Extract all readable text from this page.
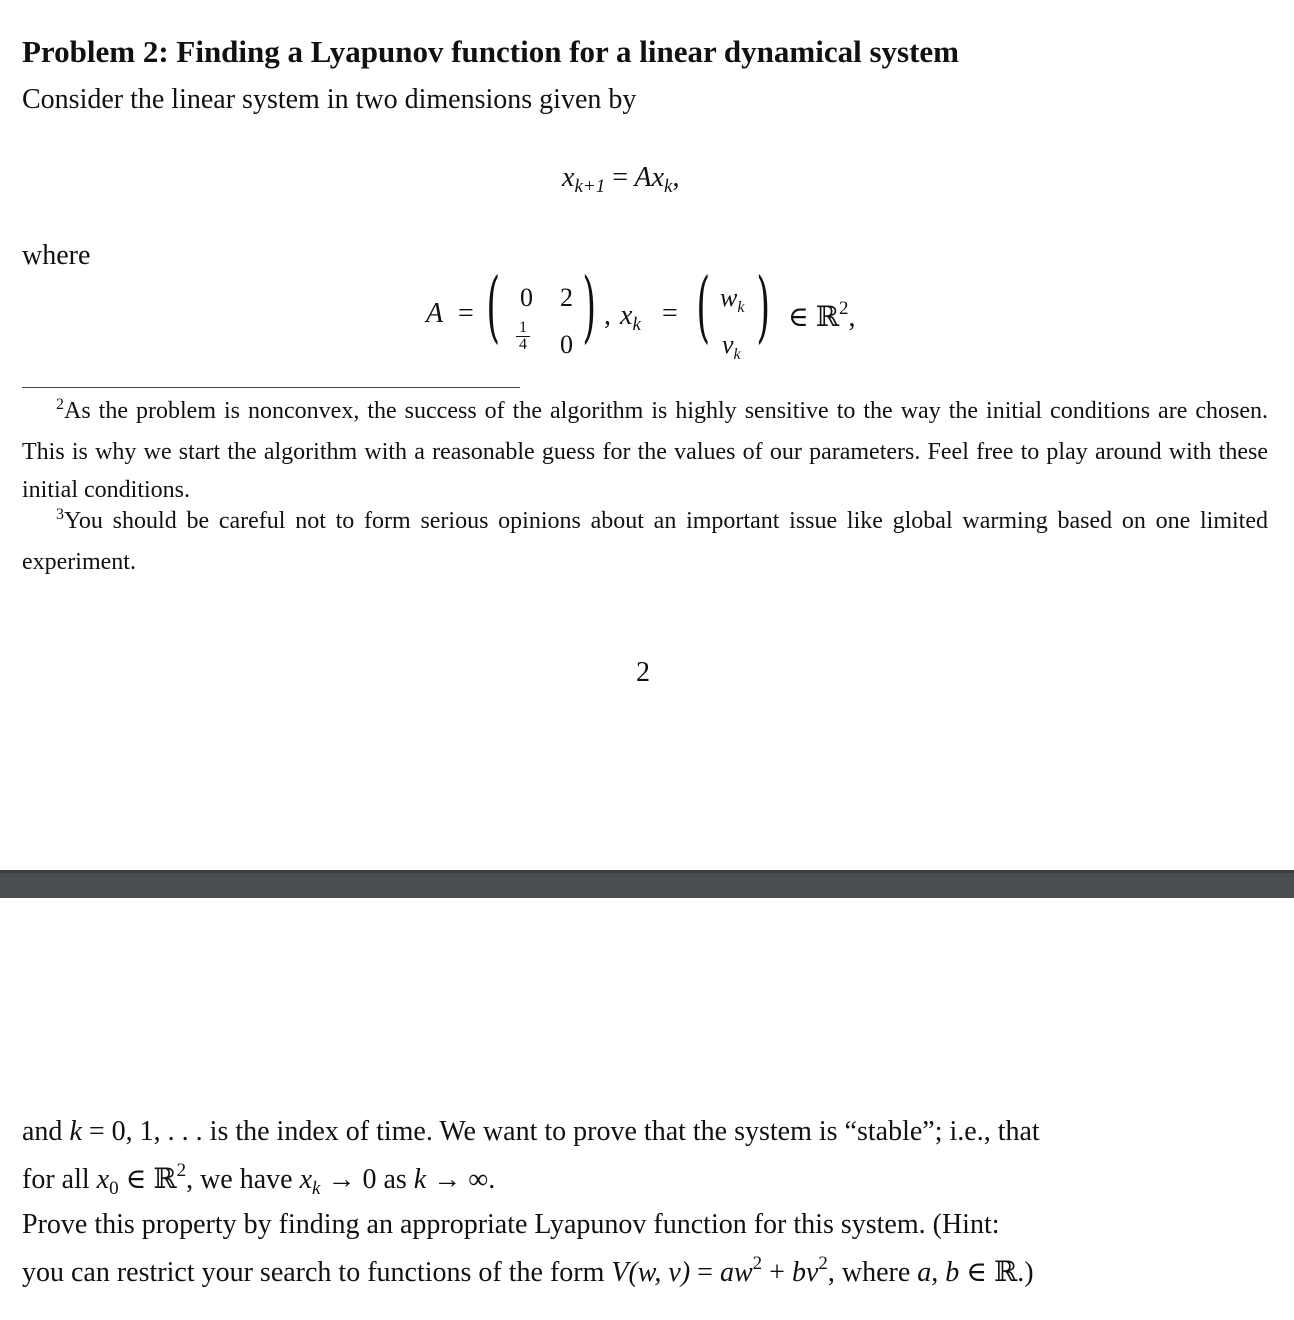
Problem 2: Finding a Lyapunov function for a linear dynamical system
Consider the linear system in two dimensions given by
$x_{k+1} = Ax_k$,
where
A = ( 0 2
$\frac{1}{4} 0$ ) , $x_k$ = ( $w_k$
$v_k$
) ∈ ℝ$^2$,
$^2$As the problem is nonconvex, the success of the algorithm is highly sensitive to the way the initial conditions are chosen. This is why we start the algorithm with a reasonable guess for the values of our parameters. Feel free to play around with these initial conditions.
$^3$You should be careful not to form serious opinions about an important issue like global warming based on one limited experiment.
2
and k = 0, 1, . . . is the index of time. We want to prove that the system is “stable”; i.e., that
for all $x_0$ ∈ ℝ$^2$, we have $x_k \to 0$ as k → ∞.
Prove this property by finding an appropriate Lyapunov function for this system. (Hint:
you can restrict your search to functions of the form V(w, $v) = aw^2 + bv^2$, where a, b ∈ ℝ.)
